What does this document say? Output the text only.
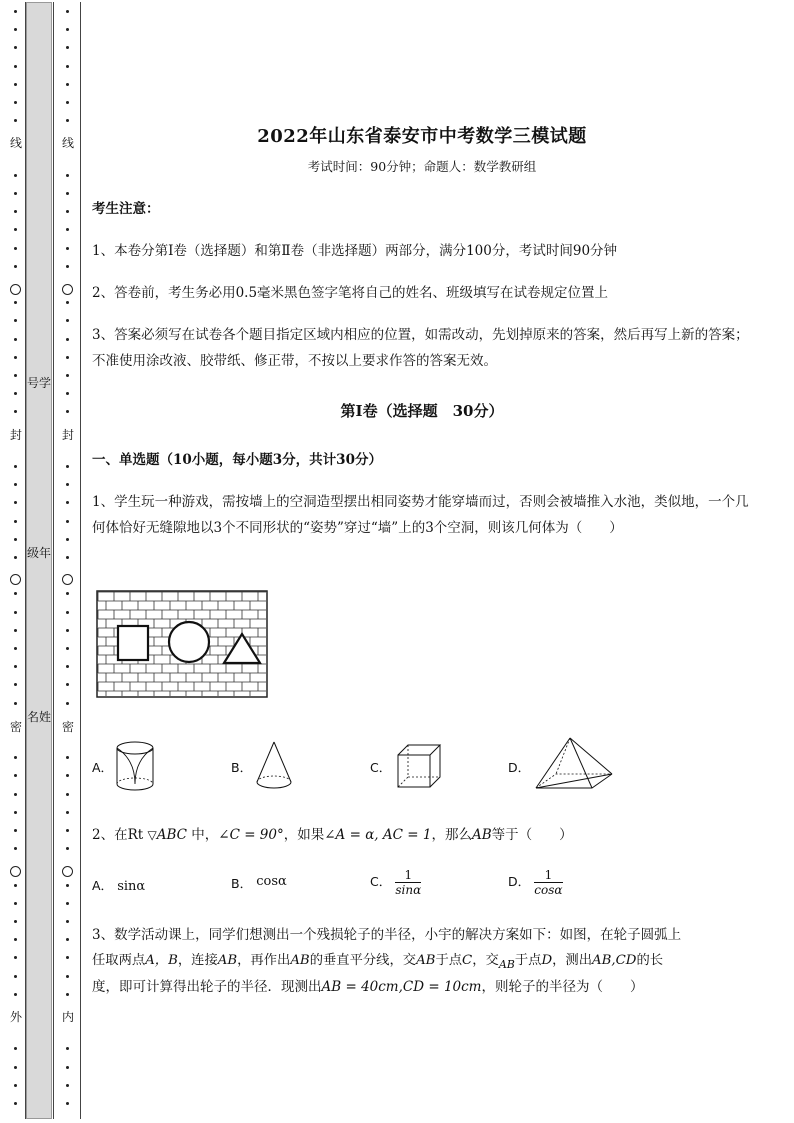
线
封
密
外
号学
级年
名姓
线
封
密
内
2022年山东省泰安市中考数学三模试题
考试时间：90分钟；命题人：数学教研组
考生注意：
1、本卷分第Ⅰ卷（选择题）和第Ⅱ卷（非选择题）两部分，满分100分，考试时间90分钟
2、答卷前，考生务必用0.5毫米黑色签字笔将自己的姓名、班级填写在试卷规定位置上
3、答案必须写在试卷各个题目指定区域内相应的位置，如需改动，先划掉原来的答案，然后再写上新的答案；不准使用涂改液、胶带纸、修正带，不按以上要求作答的答案无效。
第Ⅰ卷（选择题　30分）
一、单选题（10小题，每小题3分，共计30分）
1、学生玩一种游戏，需按墙上的空洞造型摆出相同姿势才能穿墙而过，否则会被墙推入水池，类似地，一个几何体恰好无缝隙地以3个不同形状的“姿势”穿过“墙”上的3个空洞，则该几何体为（　　）
A．	B．	C．	D．
2、在Rt ▽ABC 中，∠C = 90°，如果∠A = α, AC = 1，那么AB等于（　　）
A． sinα	B． cosα	C． $\frac{1}{\sin\alpha}$	D． $\frac{1}{\cos\alpha}$
3、数学活动课上，同学们想测出一个残损轮子的半径，小宇的解决方案如下：如图，在轮子圆弧上
任取两点A，B，连接AB，再作出AB的垂直平分线，交AB于点C，交$_{AB}$于点D，测出AB,CD的长
度，即可计算得出轮子的半径．现测出AB = 40cm,CD = 10cm，则轮子的半径为（　　）
